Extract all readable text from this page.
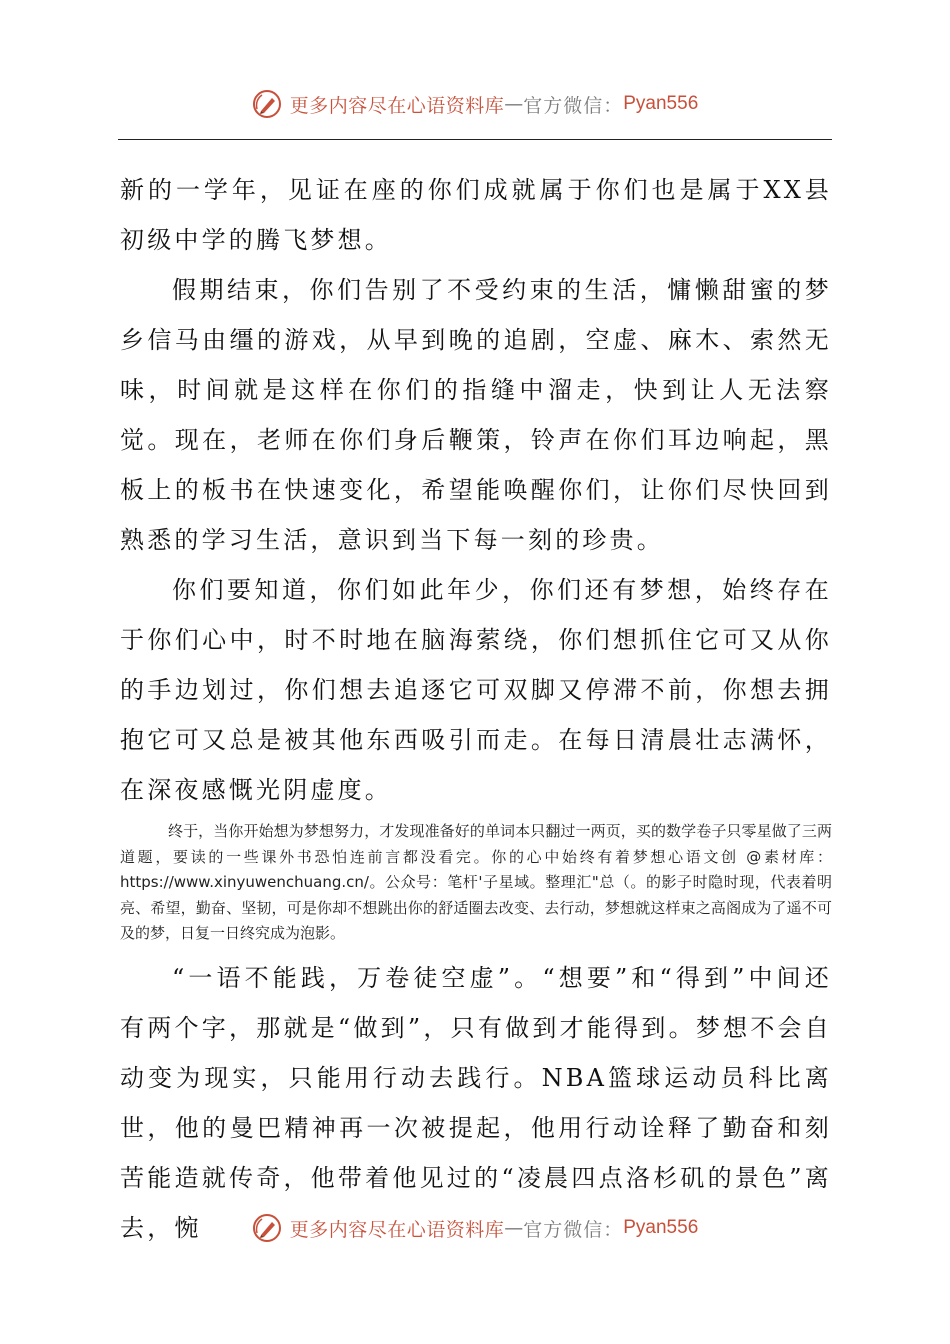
更多内容尽在心语资料库 — 官方微信： Pyan556

新的一学年，见证在座的你们成就属于你们也是属于XX县初级中学的腾飞梦想。

假期结束，你们告别了不受约束的生活，慵懒甜蜜的梦乡信马由缰的游戏，从早到晚的追剧，空虚、麻木、索然无味，时间就是这样在你们的指缝中溜走，快到让人无法察觉。现在，老师在你们身后鞭策，铃声在你们耳边响起，黑板上的板书在快速变化，希望能唤醒你们，让你们尽快回到熟悉的学习生活，意识到当下每一刻的珍贵。

你们要知道，你们如此年少，你们还有梦想，始终存在于你们心中，时不时地在脑海萦绕，你们想抓住它可又从你的手边划过，你们想去追逐它可双脚又停滞不前，你想去拥抱它可又总是被其他东西吸引而走。在每日清晨壮志满怀，在深夜感慨光阴虚度。

终于，当你开始想为梦想努力，才发现准备好的单词本只翻过一两页，买的数学卷子只零星做了三两道题，要读的一些课外书恐怕连前言都没看完。你的心中始终有着梦想心语文创 @素材库：https://www.xinyuwenchuang.cn/。公众号：笔杆'子星域。整理汇"总（。的影子时隐时现，代表着明亮、希望，勤奋、坚韧，可是你却不想跳出你的舒适圈去改变、去行动，梦想就这样束之高阁成为了遥不可及的梦，日复一日终究成为泡影。

“一语不能践，万卷徒空虚”。“想要”和“得到”中间还有两个字，那就是“做到”，只有做到才能得到。梦想不会自动变为现实，只能用行动去践行。NBA篮球运动员科比离世，他的曼巴精神再一次被提起，他用行动诠释了勤奋和刻苦能造就传奇，他带着他见过的“凌晨四点洛杉矶的景色”离去，惋	更多内容尽在心语资料库 — 官方微信： Pyan556
